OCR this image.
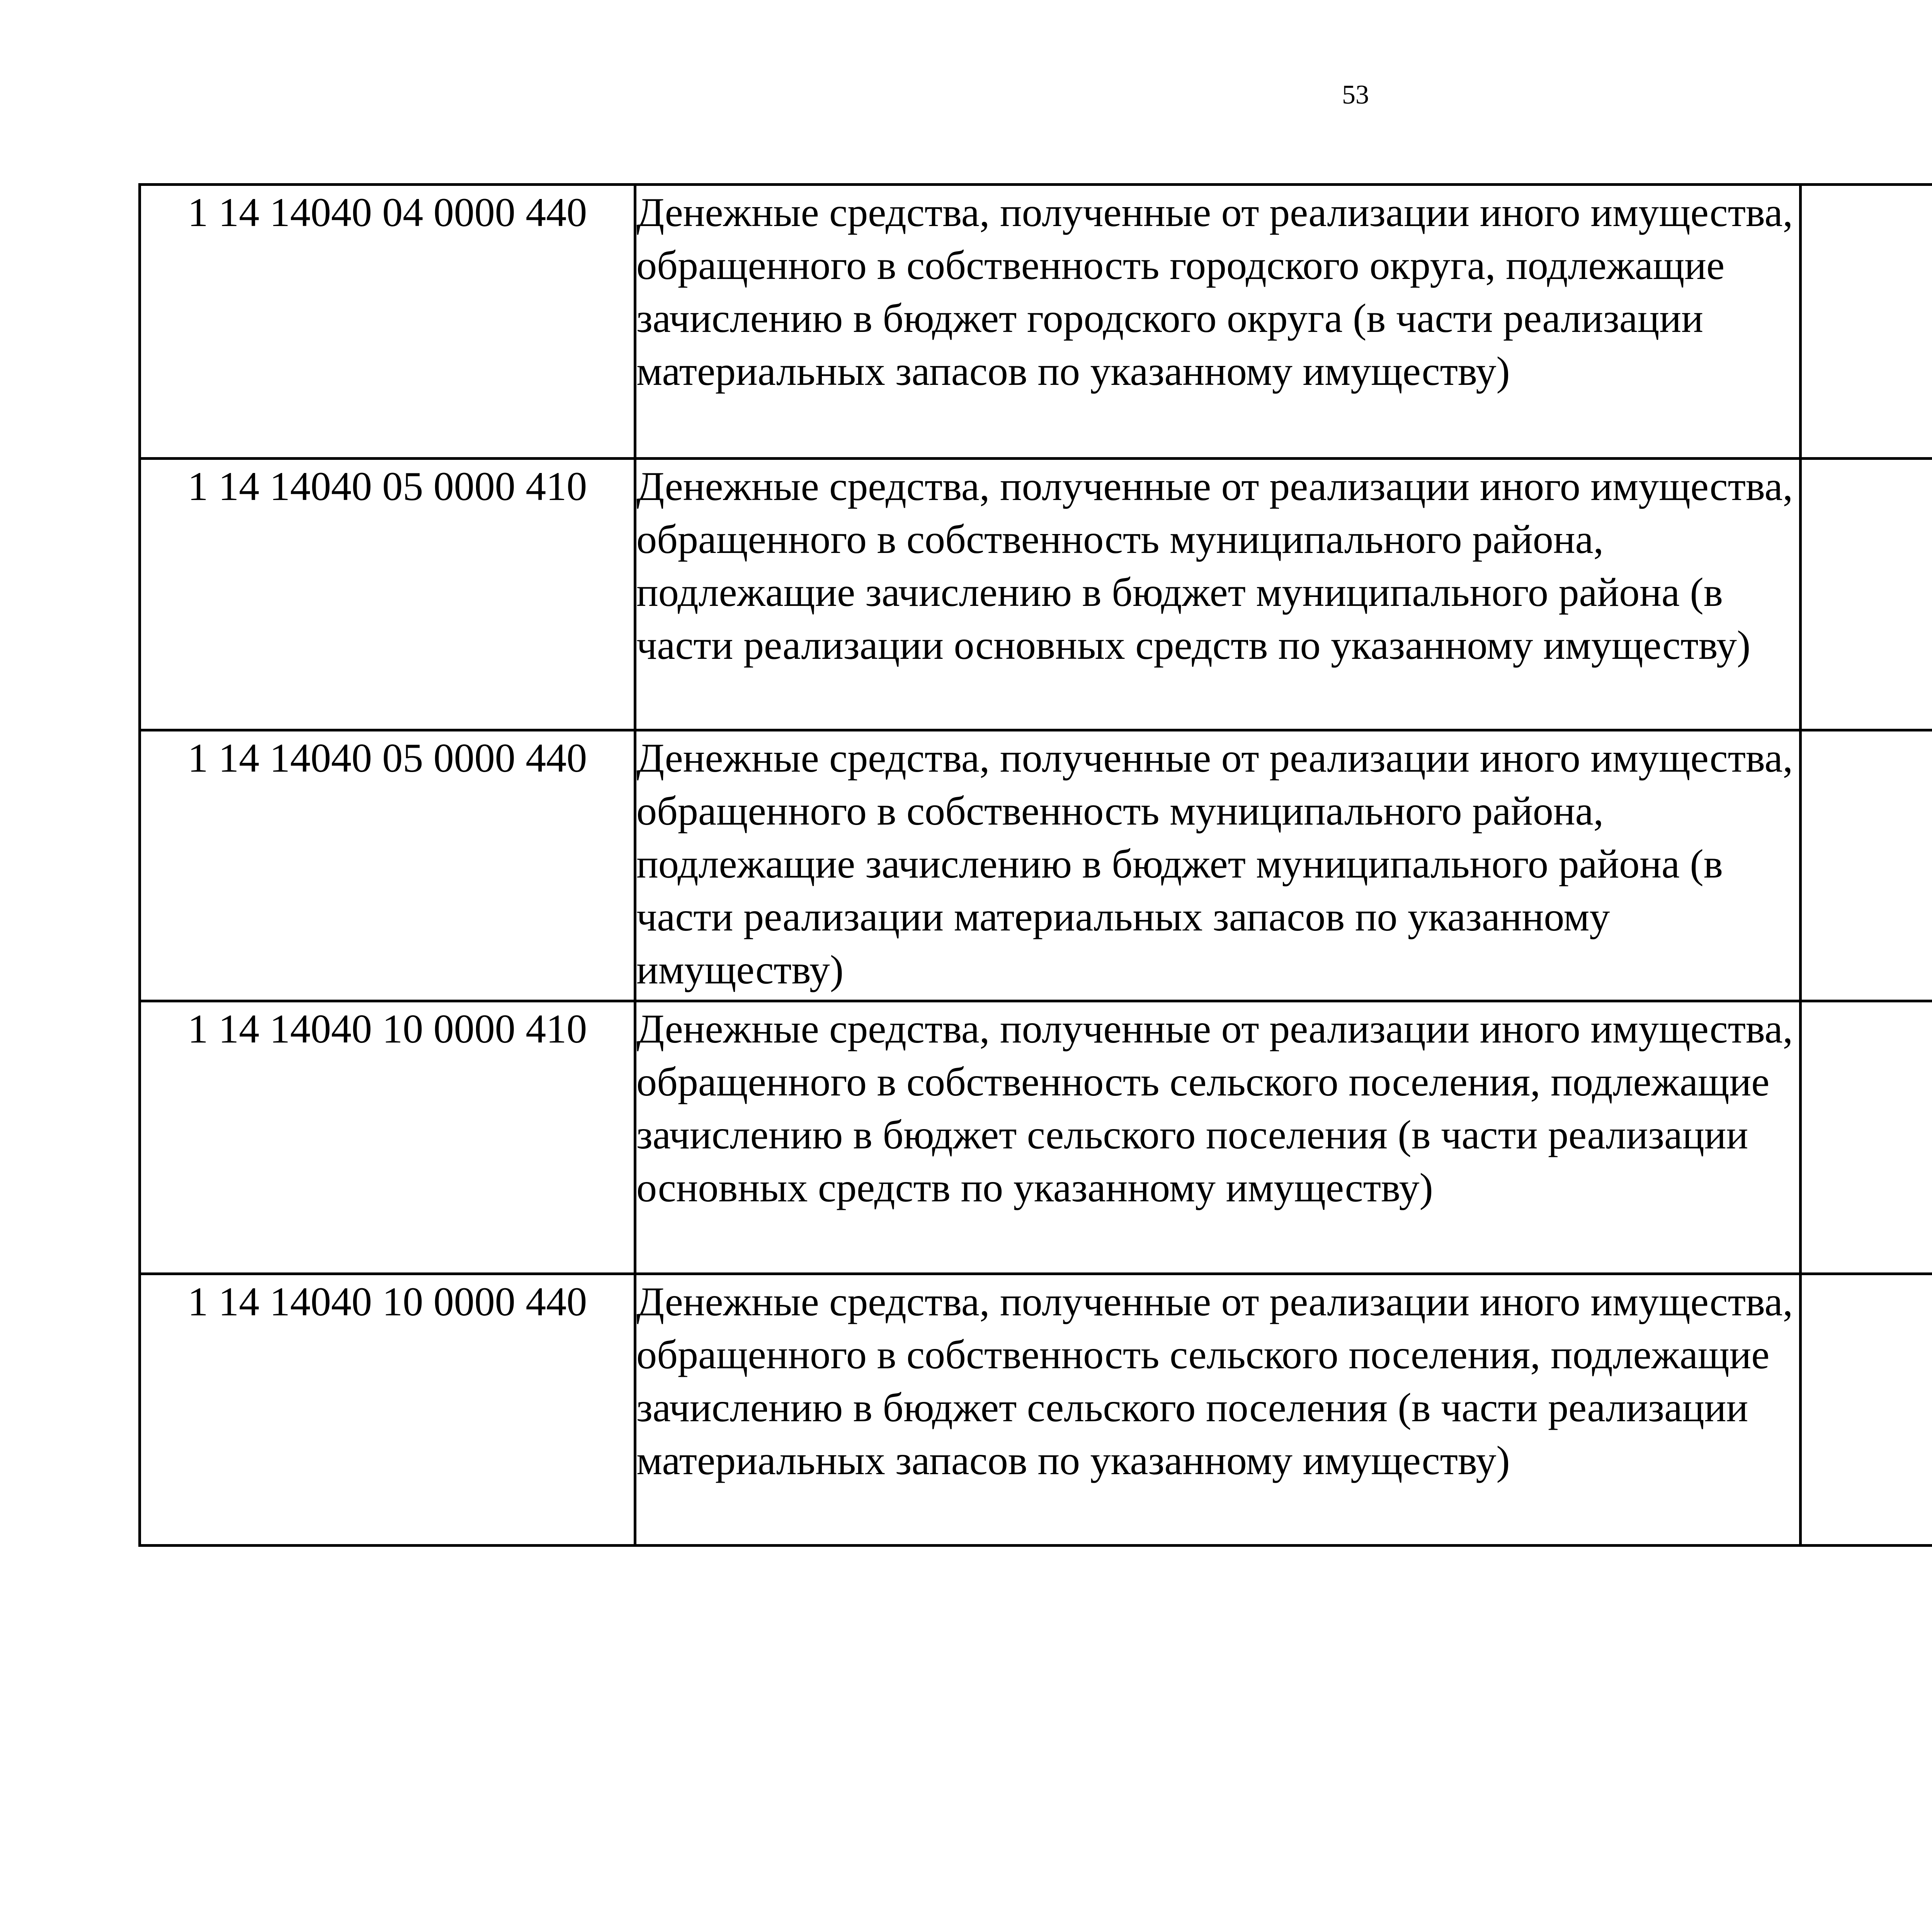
53
1 14 14040 04 0000 440	Денежные средства, полученные от реализации иного имущества, обращенного в собственность городского округа, подлежащие зачислению в бюджет городского округа (в части реализации материальных запасов по указанному имуществу)					
1 14 14040 05 0000 410	Денежные средства, полученные от реализации иного имущества, обращенного в собственность муниципального района, подлежащие зачислению в бюджет муниципального района (в части реализации основных средств по указанному имуществу)					
1 14 14040 05 0000 440	Денежные средства, полученные от реализации иного имущества, обращенного в собственность муниципального района, подлежащие зачислению в бюджет муниципального района (в части реализации материальных запасов по указанному имуществу)					
1 14 14040 10 0000 410	Денежные средства, полученные от реализации иного имущества, обращенного в собственность сельского поселения, подлежащие зачислению в бюджет сельского поселения (в части реализации основных средств по указанному имуществу)					
1 14 14040 10 0000 440	Денежные средства, полученные от реализации иного имущества, обращенного в собственность сельского поселения, подлежащие зачислению в бюджет сельского поселения (в части реализации материальных запасов по указанному имуществу)					
